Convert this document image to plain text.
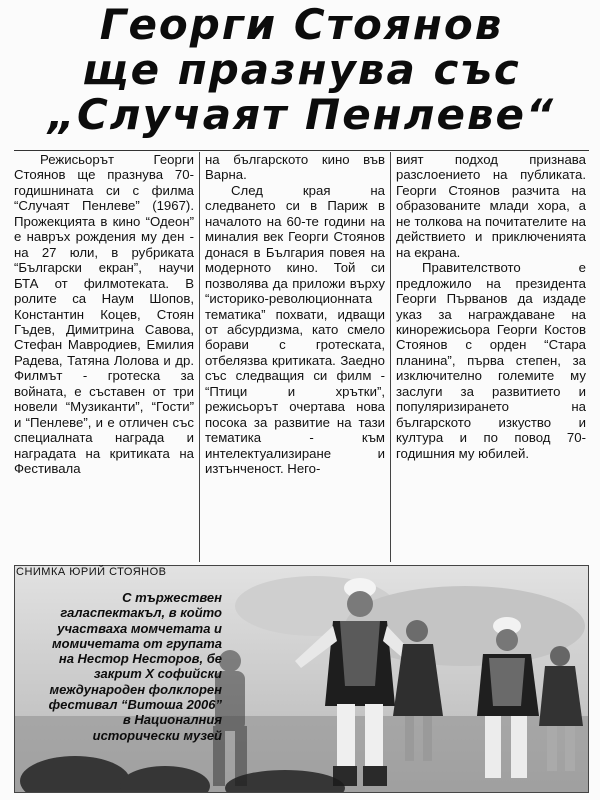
Георги Стоянов
ще празнува със
„Случаят Пенлеве“

Режисьорът Георги Стоянов ще празнува 70-годишнината си с филма “Случаят Пенлеве” (1967). Прожекцията в кино “Одеон” е навръх рождения му ден - на 27 юли, в рубриката “Български екран”, научи БТА от филмотеката. В ролите са Наум Шопов, Константин Коцев, Стоян Гъдев, Димитрина Савова, Стефан Мавродиев, Емилия Радева, Татяна Лолова и др. Филмът - гротеска за войната, е съставен от три новели “Музиканти”, “Гости” и “Пенлеве”, и е отличен със специалната награда и наградата на критиката на Фестивала

на българското кино във Варна.

След края на следването си в Париж в началото на 60-те години на миналия век Георги Стоянов донася в България повея на модерното кино. Той си позволява да приложи върху “историко-революционната тематика” похвати, идващи от абсурдизма, като смело борави с гротескатa, отбелязва критиката. Заедно със следващия си филм - “Птици и хрътки”, режисьорът очертава нова посока за развитие на тази тематика - към интелектуализиране и изтънченост. Него-

вият подход признава разслоението на публиката. Георги Стоянов разчита на образованите млади хора, а не толкова на почитателите на действието и приключенията на екрана.

Правителството е предложило на президента Георги Първанов да издаде указ за награждаване на кинорежисьора Георги Костов Стоянов с орден “Стара планина”, първа степен, за изключително големите му заслуги за развитието и популяризирането на българското изкуство и култура и по повод 70-годишния му юбилей.

СНИМКА ЮРИЙ СТОЯНОВ
С тържествен галаспектакъл, в който участваха момчетата и момичетата от групата на Нестор Несторов, бе закрит Х софийски международен фолклорен фестивал “Витоша 2006” в Националния исторически музей
